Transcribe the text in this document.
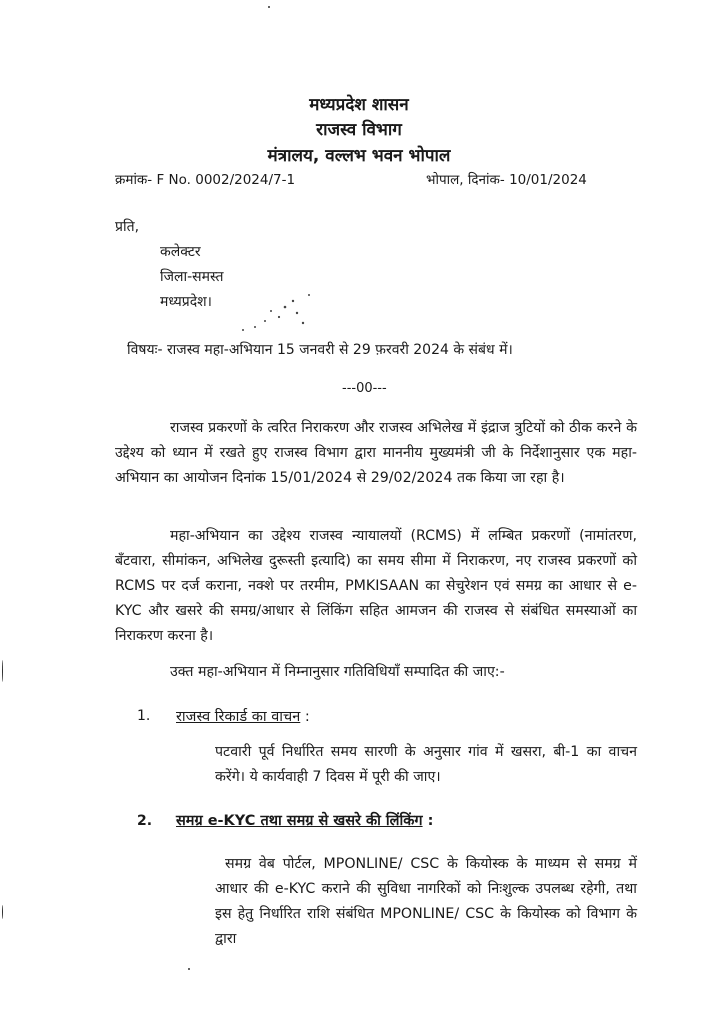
मध्यप्रदेश शासन
राजस्व विभाग
मंत्रालय, वल्लभ भवन भोपाल
क्रमांक- F No. 0002/2024/7-1	भोपाल, दिनांक- 10/01/2024
प्रति,
कलेक्टर
जिला-समस्त
मध्यप्रदेश।
विषयः- राजस्व महा-अभियान 15 जनवरी से 29 फ़रवरी 2024 के संबंध में।
---00---
राजस्व प्रकरणों के त्वरित निराकरण और राजस्व अभिलेख में इंद्राज त्रुटियों को ठीक करने के उद्देश्य को ध्यान में रखते हुए राजस्व विभाग द्वारा माननीय मुख्यमंत्री जी के निर्देशानुसार एक महा-अभियान का आयोजन दिनांक 15/01/2024 से 29/02/2024 तक किया जा रहा है।
महा-अभियान का उद्देश्य राजस्व न्यायालयों (RCMS) में लम्बित प्रकरणों (नामांतरण, बँटवारा, सीमांकन, अभिलेख दुरूस्ती इत्यादि) का समय सीमा में निराकरण, नए राजस्व प्रकरणों को RCMS पर दर्ज कराना, नक्शे पर तरमीम, PMKISAAN का सेचुरेशन एवं समग्र का आधार से e-KYC और खसरे की समग्र/आधार से लिंकिंग सहित आमजन की राजस्व से संबंधित समस्याओं का निराकरण करना है।
उक्त महा-अभियान में निम्नानुसार गतिविधियाँ सम्पादित की जाए:-
1. राजस्व रिकार्ड का वाचन :
पटवारी पूर्व निर्धारित समय सारणी के अनुसार गांव में खसरा, बी-1 का वाचन करेंगे। ये कार्यवाही 7 दिवस में पूरी की जाए।
2. समग्र e-KYC तथा समग्र से खसरे की लिंकिंग :
समग्र वेब पोर्टल, MPONLINE/ CSC के कियोस्क के माध्यम से समग्र में आधार की e-KYC कराने की सुविधा नागरिकों को निःशुल्क उपलब्ध रहेगी, तथा इस हेतु निर्धारित राशि संबंधित MPONLINE/ CSC के कियोस्क को विभाग के द्वारा
